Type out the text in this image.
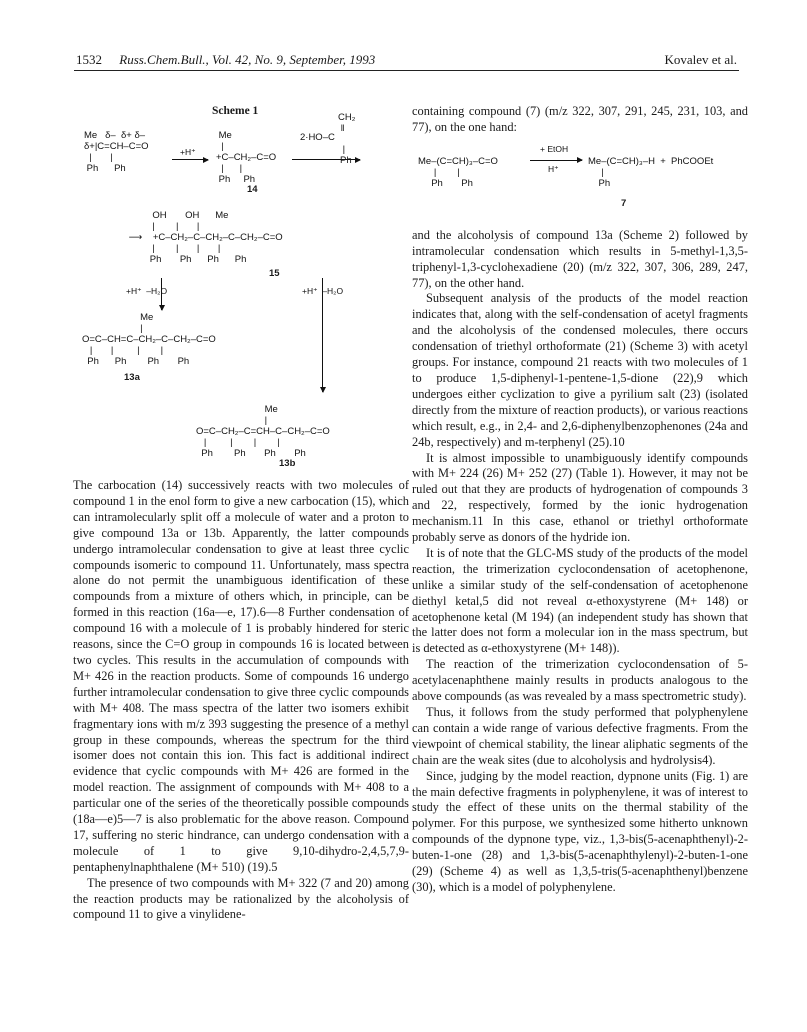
1532 Russ.Chem.Bull., Vol. 42, No. 9, September, 1993	Kovalev et al.
Scheme 1
Me   δ–  δ+ δ–
δ+|C=CH–C=O
|       |
Ph      Ph
+H⁺
Me
|
+C–CH₂–C=O
|      |
Ph     Ph
14
CH₂
‖
2·HO–C
|
Ph
OH       OH      Me
|        |       |
⟶    +C–CH₂–C–CH₂–C–CH₂–C=O
|        |       |       |
Ph       Ph      Ph      Ph
15
+H⁺  –H₂O	+H⁺  –H₂O
Me
|
O=C–CH=C–CH₂–C–CH₂–C=O
|       |         |        |
Ph      Ph        Ph       Ph
13a
Me
|
O=C–CH₂–C=CH–C–CH₂–C=O
|         |        |        |
Ph        Ph       Ph       Ph
13b

The carbocation (14) successively reacts with two molecules of compound 1 in the enol form to give a new carbocation (15), which can intramolecularly split off a molecule of water and a proton to give compound 13a or 13b. Apparently, the latter compounds undergo intramolecular condensation to give at least three cyclic compounds isomeric to compound 11. Unfortunately, mass spectra alone do not permit the unambiguous identification of these compounds from a mixture of others which, in principle, can be formed in this reaction (16a—e, 17).6—8 Further condensation of compound 16 with a molecule of 1 is probably hindered for steric reasons, since the C=O group in compounds 16 is located between two cycles. This results in the accumulation of compounds with M+ 426 in the reaction products. Some of compounds 16 undergo further intramolecular condensation to give three cyclic compounds with M+ 408. The mass spectra of the latter two isomers exhibit fragmentary ions with m/z 393 suggesting the presence of a methyl group in these compounds, whereas the spectrum for the third isomer does not contain this ion. This fact is additional indirect evidence that cyclic compounds with M+ 426 are formed in the model reaction. The assignment of compounds with M+ 408 to a particular one of the series of the theoretically possible compounds (18a—e)5—7 is also problematic for the above reason. Compound 17, suffering no steric hindrance, can undergo condensation with a molecule of 1 to give 9,10-dihydro-2,4,5,7,9-pentaphenylnaphthalene (M+ 510) (19).5

The presence of two compounds with M+ 322 (7 and 20) among the reaction products may be rationalized by the alcoholysis of compound 11 to give a vinylidene-

containing compound (7) (m/z 322, 307, 291, 245, 231, 103, and 77), on the one hand:

Me–(C=CH)₃–C=O
|        |
Ph       Ph
+ EtOH
H⁺
Me–(C=CH)₃–H  +  PhCOOEt
|
Ph
7

and the alcoholysis of compound 13a (Scheme 2) followed by intramolecular condensation which results in 5-methyl-1,3,5-triphenyl-1,3-cyclohexadiene (20) (m/z 322, 307, 306, 289, 247, 77), on the other hand.

Subsequent analysis of the products of the model reaction indicates that, along with the self-condensation of acetyl fragments and the alcoholysis of the condensed molecules, there occurs condensation of triethyl orthoformate (21) (Scheme 3) with acetyl groups. For instance, compound 21 reacts with two molecules of 1 to produce 1,5-diphenyl-1-pentene-1,5-dione (22),9 which undergoes either cyclization to give a pyrilium salt (23) (isolated directly from the mixture of reaction products), or various reactions which result, e.g., in 2,4- and 2,6-diphenylbenzophenones (24a and 24b, respectively) and m-terphenyl (25).10

It is almost impossible to unambiguously identify compounds with M+ 224 (26) M+ 252 (27) (Table 1). However, it may not be ruled out that they are products of hydrogenation of compounds 3 and 22, respectively, formed by the ionic hydrogenation mechanism.11 In this case, ethanol or triethyl orthoformate probably serve as donors of the hydride ion.

It is of note that the GLC-MS study of the products of the model reaction, the trimerization cyclocondensation of acetophenone, unlike a similar study of the self-condensation of acetophenone diethyl ketal,5 did not reveal α-ethoxystyrene (M+ 148) or acetophenone ketal (M 194) (an independent study has shown that the latter does not form a molecular ion in the mass spectrum, but is detected as α-ethoxystyrene (M+ 148)).

The reaction of the trimerization cyclocondensation of 5-acetylacenaphthene mainly results in products analogous to the above compounds (as was revealed by a mass spectrometric study).

Thus, it follows from the study performed that polyphenylene can contain a wide range of various defective fragments. From the viewpoint of chemical stability, the linear aliphatic segments of the chain are the weak sites (due to alcoholysis and hydrolysis4).

Since, judging by the model reaction, dypnone units (Fig. 1) are the main defective fragments in polyphenylene, it was of interest to study the effect of these units on the thermal stability of the polymer. For this purpose, we synthesized some hitherto unknown compounds of the dypnone type, viz., 1,3-bis(5-acenaphthenyl)-2-buten-1-one (28) and 1,3-bis(5-acenaphthylenyl)-2-buten-1-one (29) (Scheme 4) as well as 1,3,5-tris(5-acenaphthenyl)benzene (30), which is a model of polyphenylene.
